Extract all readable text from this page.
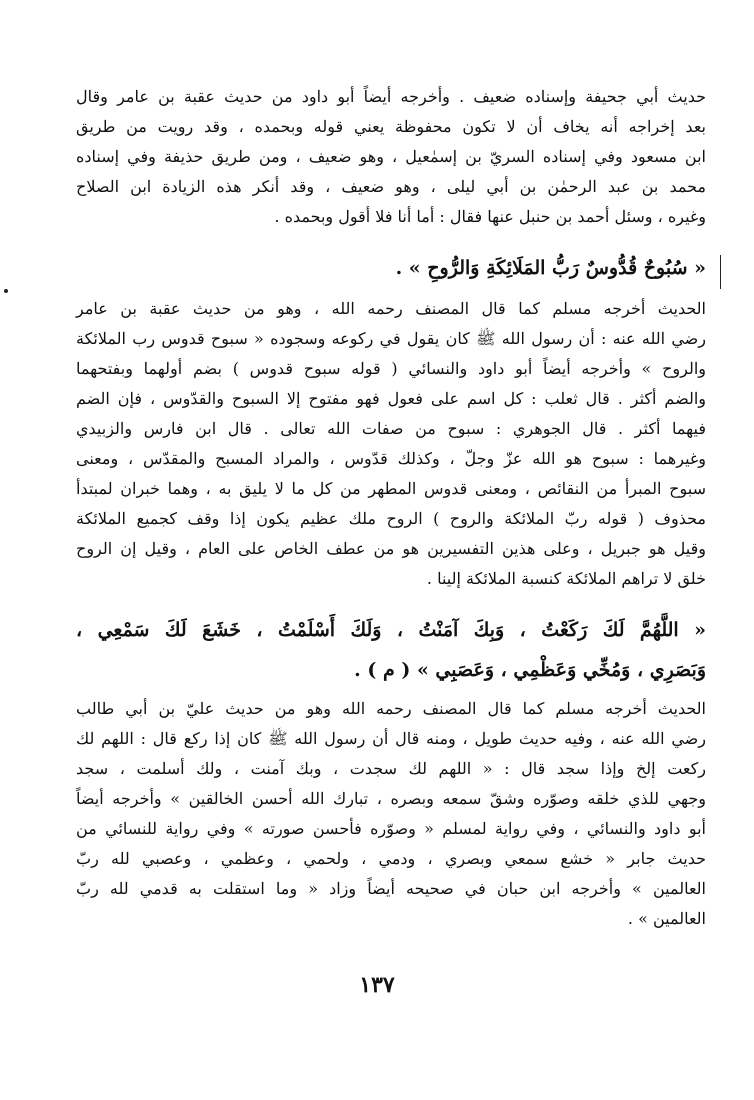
حديث أبي جحيفة وإسناده ضعيف . وأخرجه أيضاً أبو داود من حديث عقبة بن عامر وقال
بعد إخراجه أنه يخاف أن لا تكون محفوظة يعني قوله وبحمده ، وقد رويت من طريق
ابن مسعود وفي إسناده السريّ بن إسمٰعيل ، وهو ضعيف ، ومن طريق حذيفة وفي إسناده
محمد بن عبد الرحمٰن بن أبي ليلى ، وهو ضعيف ، وقد أنكر هذه الزيادة ابن الصلاح
وغيره ، وسئل أحمد بن حنبل عنها فقال : أما أنا فلا أقول وبحمده .

« سُبُوحٌ قُدُّوسٌ رَبُّ المَلَائِكَةِ وَالرُّوحِ » .

الحديث أخرجه مسلم كما قال المصنف رحمه الله ، وهو من حديث عقبة بن عامر
رضي الله عنه : أن رسول الله ﷺ كان يقول في ركوعه وسجوده « سبوح قدوس رب الملائكة
والروح » وأخرجه أيضاً أبو داود والنسائي ( قوله سبوح قدوس ) بضم أولهما وبفتحهما
والضم أكثر . قال ثعلب : كل اسم على فعول فهو مفتوح إلا السبوح والقدّوس ، فإن الضم
فيهما أكثر . قال الجوهري : سبوح من صفات الله تعالى . قال ابن فارس والزبيدي
وغيرهما : سبوح هو الله عزّ وجلّ ، وكذلك قدّوس ، والمراد المسبح والمقدّس ، ومعنى
سبوح المبرأ من النقائص ، ومعنى قدوس المطهر من كل ما لا يليق به ، وهما خبران لمبتدأ
محذوف ( قوله ربّ الملائكة والروح ) الروح ملك عظيم يكون إذا وقف كجميع الملائكة
وقيل هو جبريل ، وعلى هذين التفسيرين هو من عطف الخاص على العام ، وقيل إن الروح
خلق لا تراهم الملائكة كنسبة الملائكة إلينا .

« اللَّهُمَّ لَكَ رَكَعْتُ ، وَبِكَ آمَنْتُ ، وَلَكَ أَسْلَمْتُ ، خَشَعَ لَكَ سَمْعِي ،
وَبَصَرِي ، وَمُخِّي وَعَظْمِي ، وَعَصَبِي » ( م ) .

الحديث أخرجه مسلم كما قال المصنف رحمه الله وهو من حديث عليّ بن أبي طالب
رضي الله عنه ، وفيه حديث طويل ، ومنه قال أن رسول الله ﷺ كان إذا ركع قال : اللهم لك
ركعت إلخ وإذا سجد قال : « اللهم لك سجدت ، وبك آمنت ، ولك أسلمت ، سجد
وجهي للذي خلقه وصوّره وشقّ سمعه وبصره ، تبارك الله أحسن الخالقين » وأخرجه أيضاً
أبو داود والنسائي ، وفي رواية لمسلم « وصوّره فأحسن صورته » وفي رواية للنسائي من
حديث جابر « خشع سمعي وبصري ، ودمي ، ولحمي ، وعظمي ، وعصبي لله ربّ
العالمين » وأخرجه ابن حبان في صحيحه أيضاً وزاد « وما استقلت به قدمي لله ربّ
العالمين » .

١٣٧
